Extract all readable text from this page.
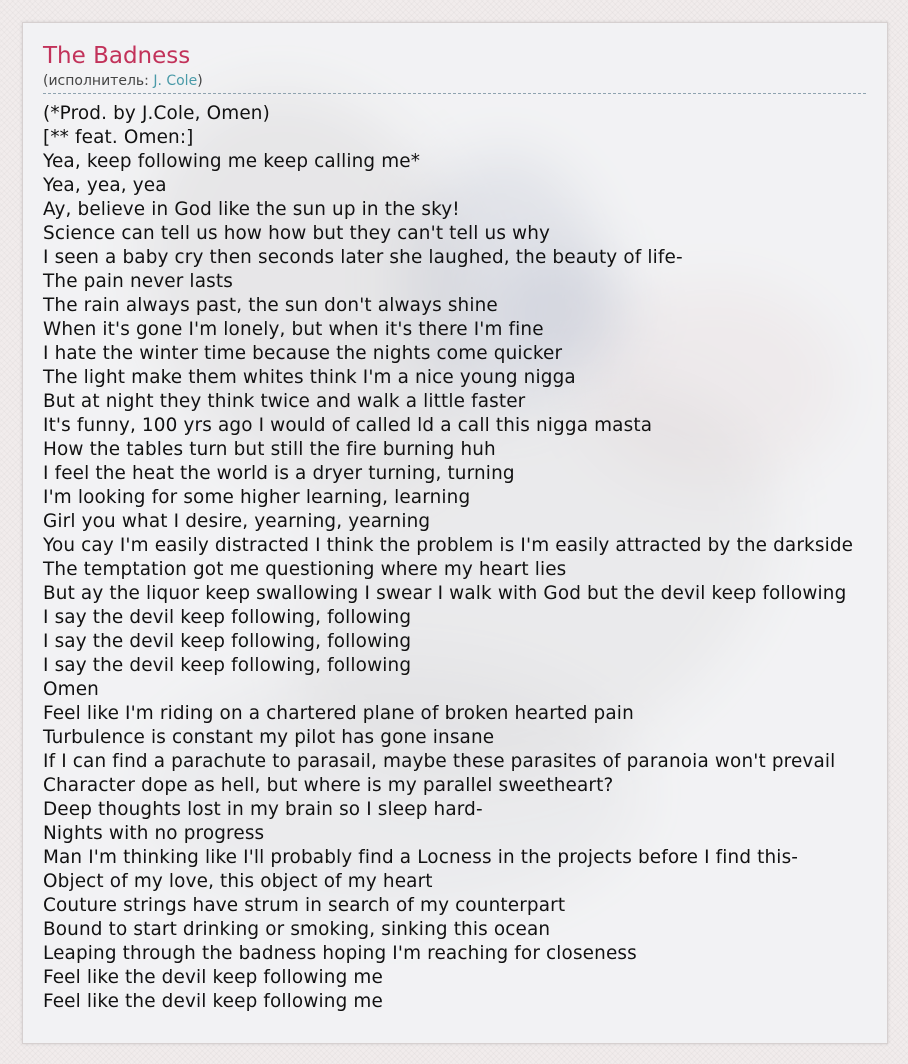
The Badness
(исполнитель: J. Cole)
(*Prod. by J.Cole, Omen)
[** feat. Omen:]
Yea, keep following me keep calling me*
Yea, yea, yea
Ay, believe in God like the sun up in the sky!
Science can tell us how how but they can't tell us why
I seen a baby cry then seconds later she laughed, the beauty of life-
The pain never lasts
The rain always past, the sun don't always shine
When it's gone I'm lonely, but when it's there I'm fine
I hate the winter time because the nights come quicker
The light make them whites think I'm a nice young nigga
But at night they think twice and walk a little faster
It's funny, 100 yrs ago I would of called ld a call this nigga masta
How the tables turn but still the fire burning huh
I feel the heat the world is a dryer turning, turning
I'm looking for some higher learning, learning
Girl you what I desire, yearning, yearning
You cay I'm easily distracted I think the problem is I'm easily attracted by the darkside
The temptation got me questioning where my heart lies
But ay the liquor keep swallowing I swear I walk with God but the devil keep following
I say the devil keep following, following
I say the devil keep following, following
I say the devil keep following, following
Omen
Feel like I'm riding on a chartered plane of broken hearted pain
Turbulence is constant my pilot has gone insane
If I can find a parachute to parasail, maybe these parasites of paranoia won't prevail
Character dope as hell, but where is my parallel sweetheart?
Deep thoughts lost in my brain so I sleep hard-
Nights with no progress
Man I'm thinking like I'll probably find a Locness in the projects before I find this-
Object of my love, this object of my heart
Couture strings have strum in search of my counterpart
Bound to start drinking or smoking, sinking this ocean
Leaping through the badness hoping I'm reaching for closeness
Feel like the devil keep following me
Feel like the devil keep following me
